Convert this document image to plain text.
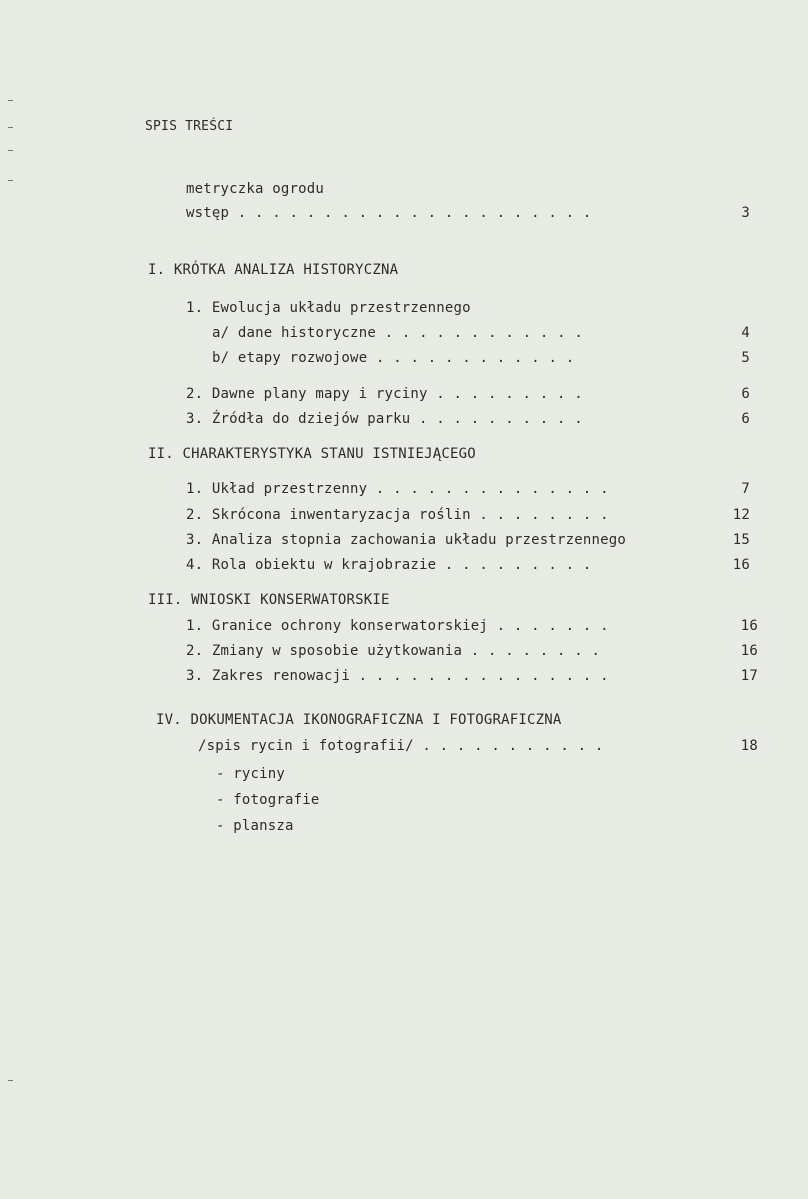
SPIS TREŚCI
metryczka ogrodu
wstęp . . . . . . . . . . . . . . . . . . . . .	3
I. KRÓTKA ANALIZA HISTORYCZNA
1. Ewolucja układu przestrzennego
a/ dane historyczne . . . . . . . . . . . .	4
b/ etapy rozwojowe . . . . . . . . . . . .	5
2. Dawne plany mapy i ryciny . . . . . . . . .	6
3. Źródła do dziejów parku . . . . . . . . . .	6
II. CHARAKTERYSTYKA STANU ISTNIEJĄCEGO
1. Układ przestrzenny . . . . . . . . . . . . . .	7
2. Skrócona inwentaryzacja roślin . . . . . . . .	12
3. Analiza stopnia zachowania układu przestrzennego	15
4. Rola obiektu w krajobrazie . . . . . . . . .	16
III. WNIOSKI KONSERWATORSKIE
1. Granice ochrony konserwatorskiej . . . . . . .	16
2. Zmiany w sposobie użytkowania . . . . . . . .	16
3. Zakres renowacji . . . . . . . . . . . . . . .	17
IV. DOKUMENTACJA IKONOGRAFICZNA I FOTOGRAFICZNA
/spis rycin i fotografii/ . . . . . . . . . . .	18
- ryciny
- fotografie
- plansza
